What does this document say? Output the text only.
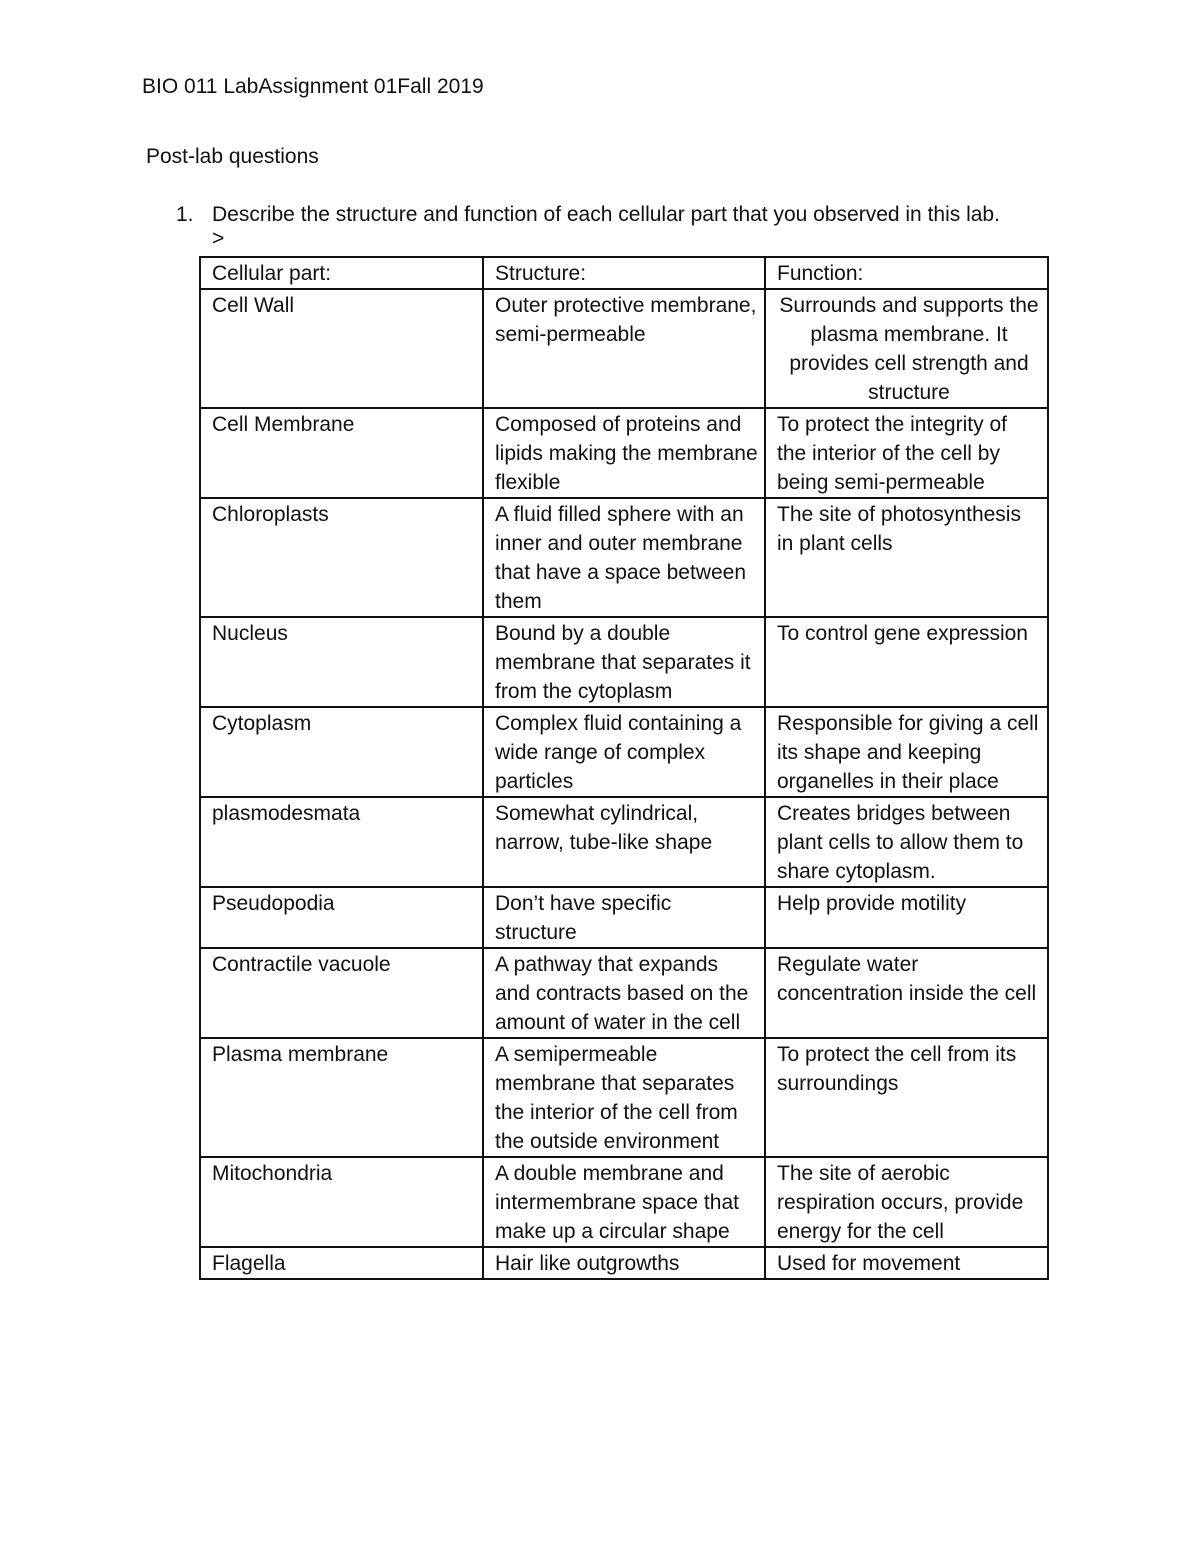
BIO 011 LabAssignment 01Fall 2019
Post-lab questions
1. Describe the structure and function of each cellular part that you observed in this lab.
>
Cellular part:	Structure:	Function:
Cell Wall	Outer protective membrane, semi-permeable	Surrounds and supports the plasma membrane. It provides cell strength and structure
Cell Membrane	Composed of proteins and lipids making the membrane flexible	To protect the integrity of the interior of the cell by being semi-permeable
Chloroplasts	A fluid filled sphere with an inner and outer membrane that have a space between them	The site of photosynthesis in plant cells
Nucleus	Bound by a double membrane that separates it from the cytoplasm	To control gene expression
Cytoplasm	Complex fluid containing a wide range of complex particles	Responsible for giving a cell its shape and keeping organelles in their place
plasmodesmata	Somewhat cylindrical, narrow, tube-like shape	Creates bridges between plant cells to allow them to share cytoplasm.
Pseudopodia	Don’t have specific structure	Help provide motility
Contractile vacuole	A pathway that expands and contracts based on the amount of water in the cell	Regulate water concentration inside the cell
Plasma membrane	A semipermeable membrane that separates the interior of the cell from the outside environment	To protect the cell from its surroundings
Mitochondria	A double membrane and intermembrane space that make up a circular shape	The site of aerobic respiration occurs, provide energy for the cell
Flagella	Hair like outgrowths	Used for movement
